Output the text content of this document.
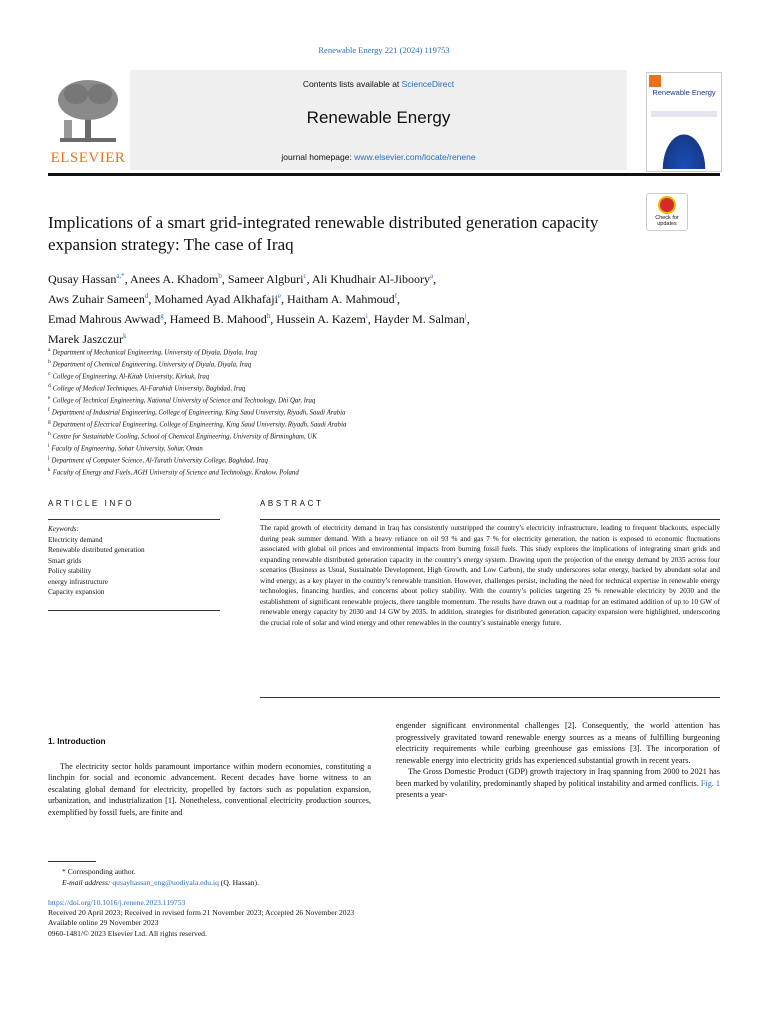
Renewable Energy 221 (2024) 119753
ELSEVIER
Contents lists available at ScienceDirect
Renewable Energy
journal homepage: www.elsevier.com/locate/renene
Renewable Energy
Implications of a smart grid-integrated renewable distributed generation capacity expansion strategy: The case of Iraq
Check for updates
Qusay Hassan$^{a,*}$, Anees A. Khadom$^b$, Sameer Algburi$^c$, Ali Khudhair Al-Jiboory$^a$,
Aws Zuhair Sameen$^d$, Mohamed Ayad Alkhafaji$^e$, Haitham A. Mahmoud$^f$,
Emad Mahrous Awwad$^g$, Hameed B. Mahood$^h$, Hussein A. Kazem$^i$, Hayder M. Salman$^j$,
Marek Jaszczur$^k$
$^a$ Department of Mechanical Engineering, University of Diyala, Diyala, Iraq
$^b$ Department of Chemical Engineering, University of Diyala, Diyala, Iraq
$^c$ College of Engineering, Al-Kitab University, Kirkuk, Iraq
$^d$ College of Medical Techniques, Al-Farahidi University, Baghdad, Iraq
$^e$ College of Technical Engineering, National University of Science and Technology, Dhi Qar, Iraq
$^f$ Department of Industrial Engineering, College of Engineering, King Saud University, Riyadh, Saudi Arabia
$^g$ Department of Electrical Engineering, College of Engineering, King Saud University, Riyadh, Saudi Arabia
$^h$ Centre for Sustainable Cooling, School of Chemical Engineering, University of Birmingham, UK
$^i$ Faculty of Engineering, Sohar University, Sohar, Oman
$^j$ Department of Computer Science, Al-Turath University College, Baghdad, Iraq
$^k$ Faculty of Energy and Fuels, AGH University of Science and Technology, Krakow, Poland
ARTICLE INFO	ABSTRACT
Keywords:
Electricity demand
Renewable distributed generation
Smart grids
Policy stability
energy infrastructure
Capacity expansion
The rapid growth of electricity demand in Iraq has consistently outstripped the country’s electricity infrastructure, leading to frequent blackouts, especially during peak summer demand. With a heavy reliance on oil 93 % and gas 7 % for electricity generation, the nation is exposed to economic fluctuations associated with global oil prices and environmental impacts from burning fossil fuels. This study explores the implications of integrating smart grids and expanding renewable distributed generation capacity in the country’s energy system. Drawing upon the projection of the energy demand by 2035 across four scenarios (Business as Usual, Sustainable Development, High Growth, and Low Carbon), the study underscores solar energy, backed by abundant solar and wind energy, as a key player in the country’s renewable transition. However, challenges persist, including the need for technical expertise in renewable energy technologies, financing hurdles, and concerns about policy stability. With the country’s policies targeting 25 % renewable electricity by 2030 and the establishment of significant renewable projects, there tangible momentum. The results have drawn out a roadmap for an estimated addition of up to 10 GW of renewable energy capacity by 2030 and 14 GW by 2035. In addition, strategies for distributed generation capacity expansion were highlighted, underscoring the crucial role of solar and wind energy and other renewables in the country’s sustainable energy future.
1. Introduction

The electricity sector holds paramount importance within modern economies, constituting a linchpin for social and economic advancement. Recent decades have borne witness to an escalating global demand for electricity, propelled by factors such as population expansion, urbanization, and industrialization [1]. Nonetheless, conventional electricity production sources, exemplified by fossil fuels, are finite and

engender significant environmental challenges [2]. Consequently, the world attention has progressively gravitated toward renewable energy sources as a means of fulfilling burgeoning electricity requirements while curbing greenhouse gas emissions [3]. The incorporation of renewable energy into electricity grids has experienced substantial growth in recent years.

The Gross Domestic Product (GDP) growth trajectory in Iraq spanning from 2000 to 2021 has been marked by volatility, predominantly shaped by political instability and armed conflicts. Fig. 1 presents a year-

* Corresponding author.
E-mail address: qusayhassan_eng@uodiyala.edu.iq (Q. Hassan).
https://doi.org/10.1016/j.renene.2023.119753
Received 20 April 2023; Received in revised form 21 November 2023; Accepted 26 November 2023
Available online 29 November 2023
0960-1481/© 2023 Elsevier Ltd. All rights reserved.
